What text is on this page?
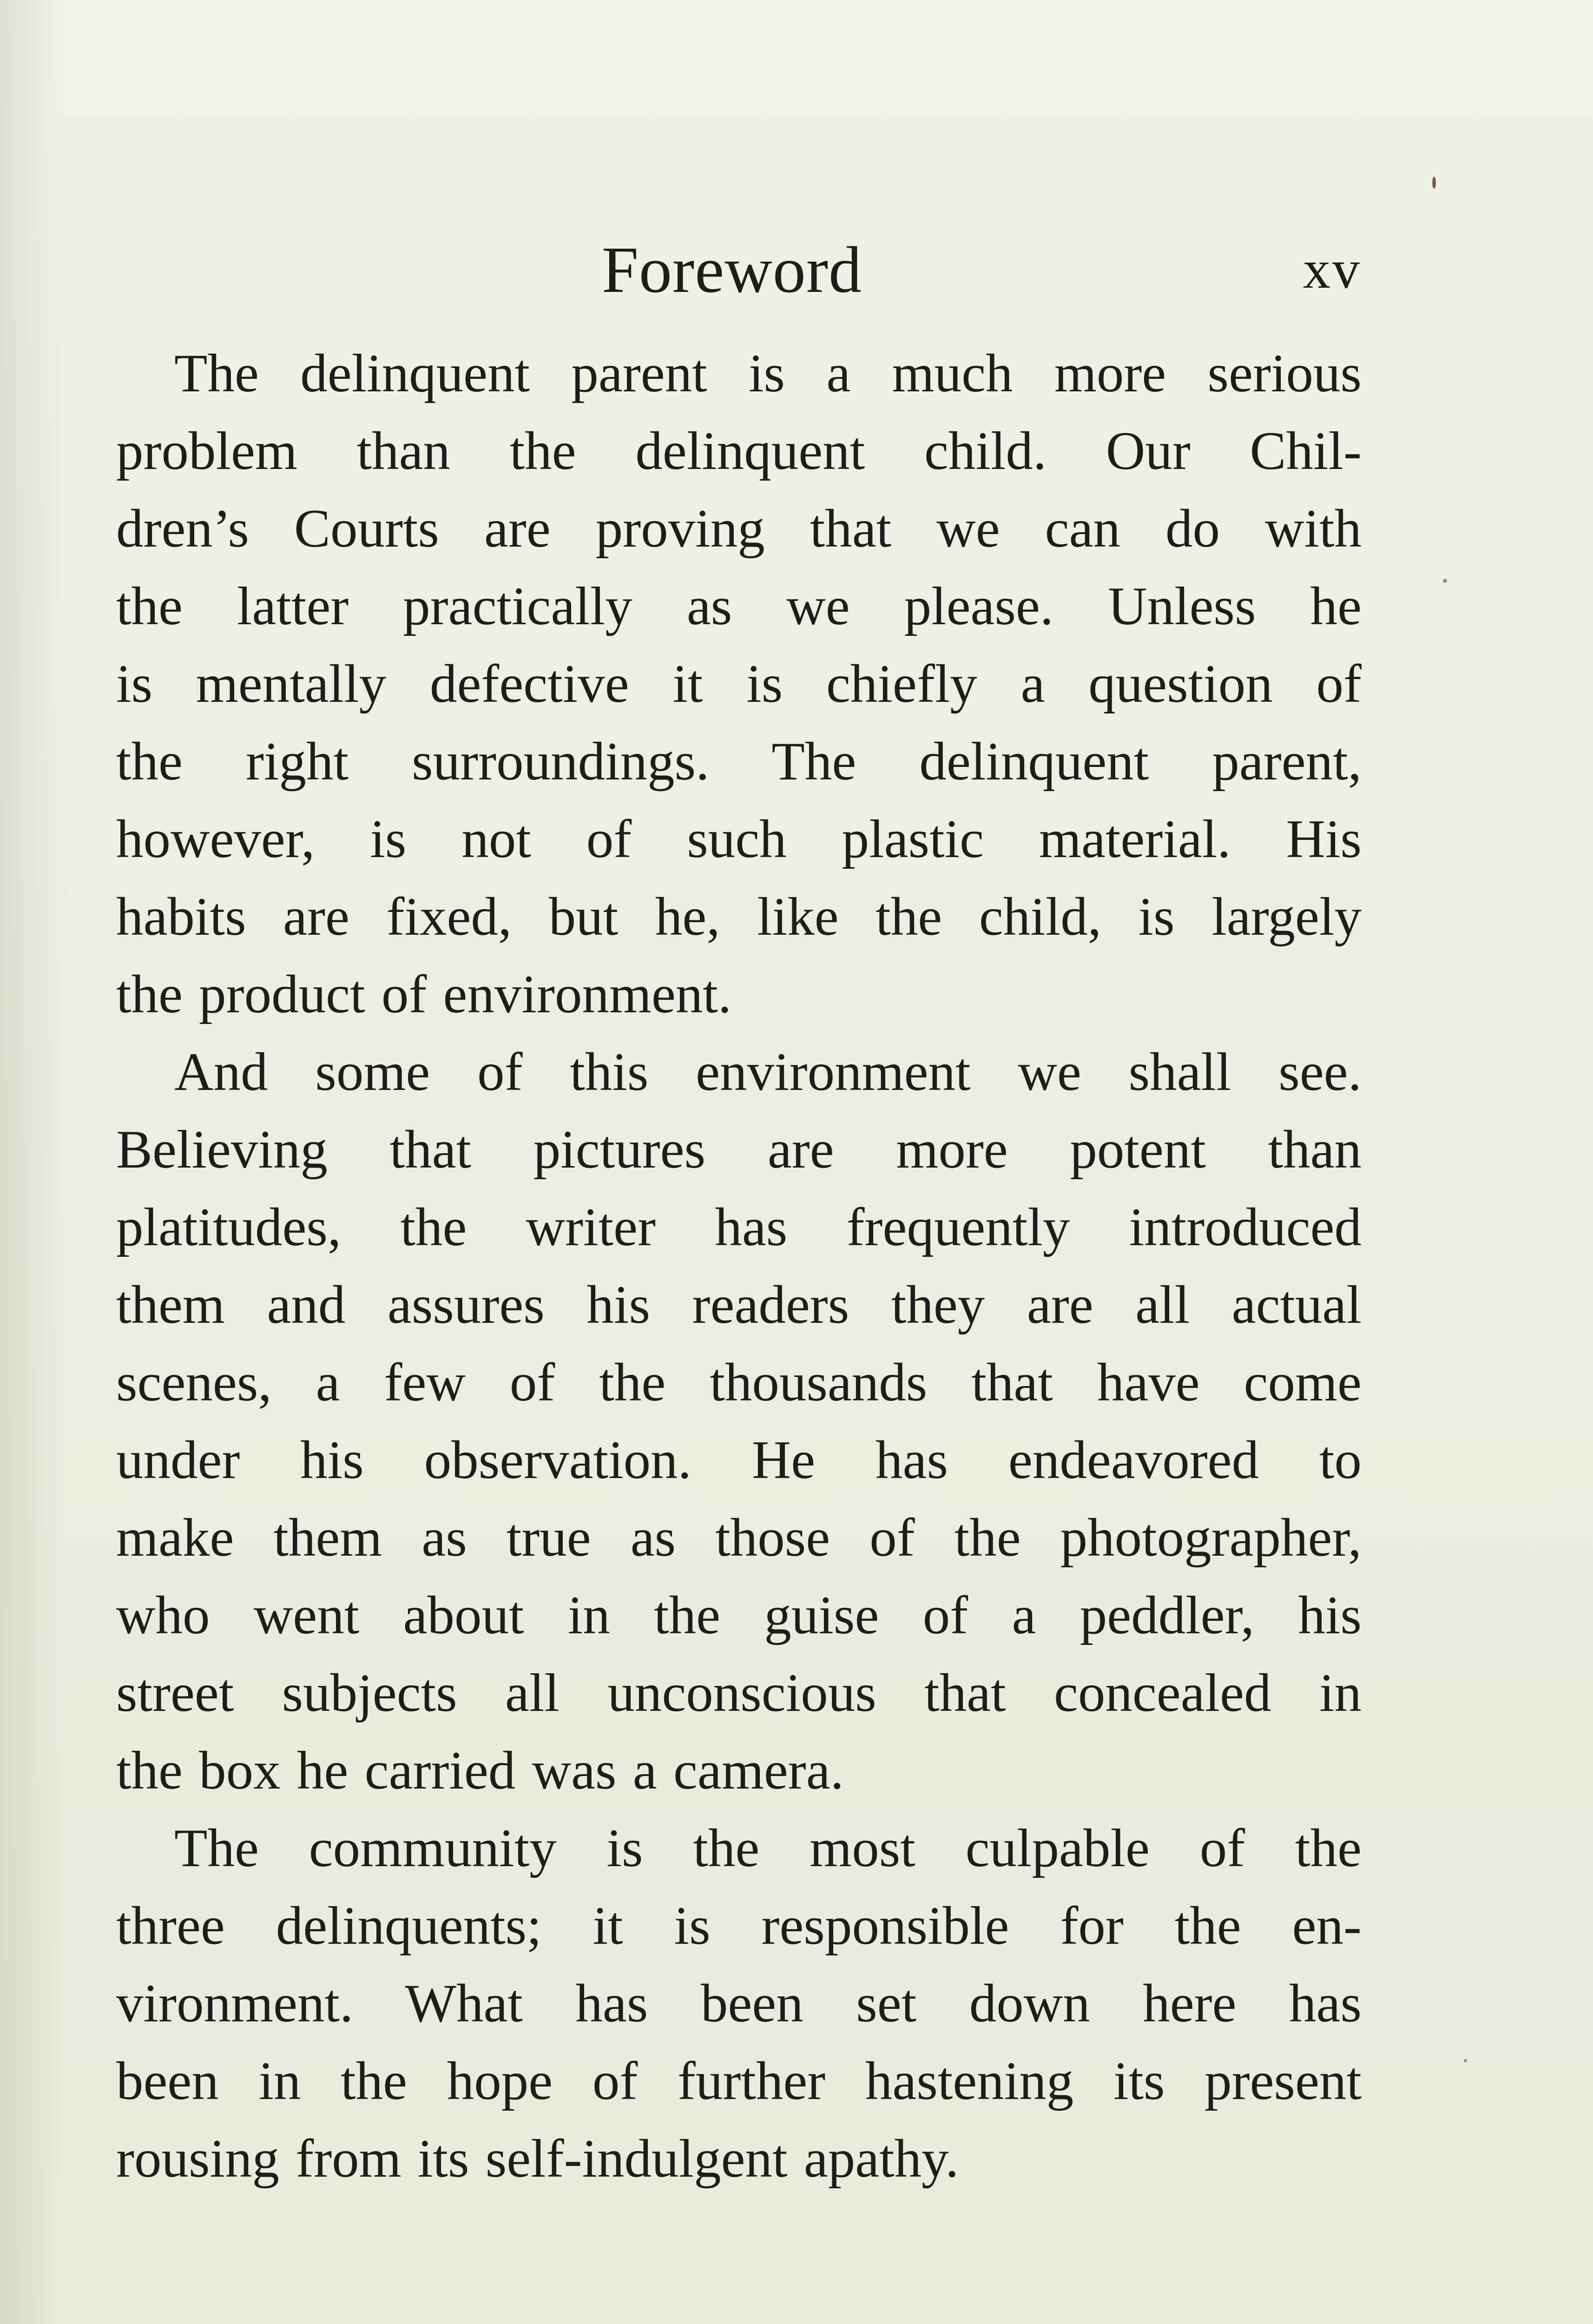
Foreword	xv
The delinquent parent is a much more serious
problem than the delinquent child. Our Chil-
dren’s Courts are proving that we can do with
the latter practically as we please. Unless he
is mentally defective it is chiefly a question of
the right surroundings. The delinquent parent,
however, is not of such plastic material. His
habits are fixed, but he, like the child, is largely
the product of environment.
And some of this environment we shall see.
Believing that pictures are more potent than
platitudes, the writer has frequently introduced
them and assures his readers they are all actual
scenes, a few of the thousands that have come
under his observation. He has endeavored to
make them as true as those of the photographer,
who went about in the guise of a peddler, his
street subjects all unconscious that concealed in
the box he carried was a camera.
The community is the most culpable of the
three delinquents; it is responsible for the en-
vironment. What has been set down here has
been in the hope of further hastening its present
rousing from its self-indulgent apathy.
